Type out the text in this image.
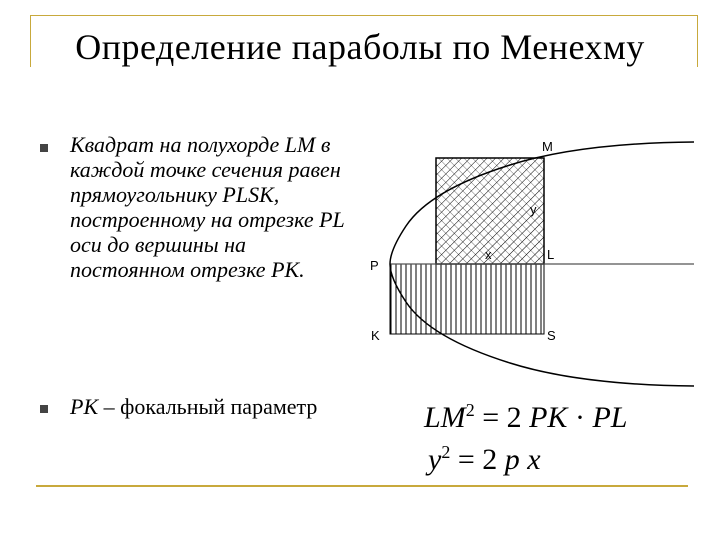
Определение параболы по Менехму
Квадрат на полухорде LM в каждой точке сечения равен прямоугольнику PLSK, построенному на отрезке PL оси до вершины на постоянном отрезке PK.
PK – фокальный параметр
M
y
P
x	L
K	S
$LM^2 = 2$ PK · PL
$y^2 = 2$ p x
